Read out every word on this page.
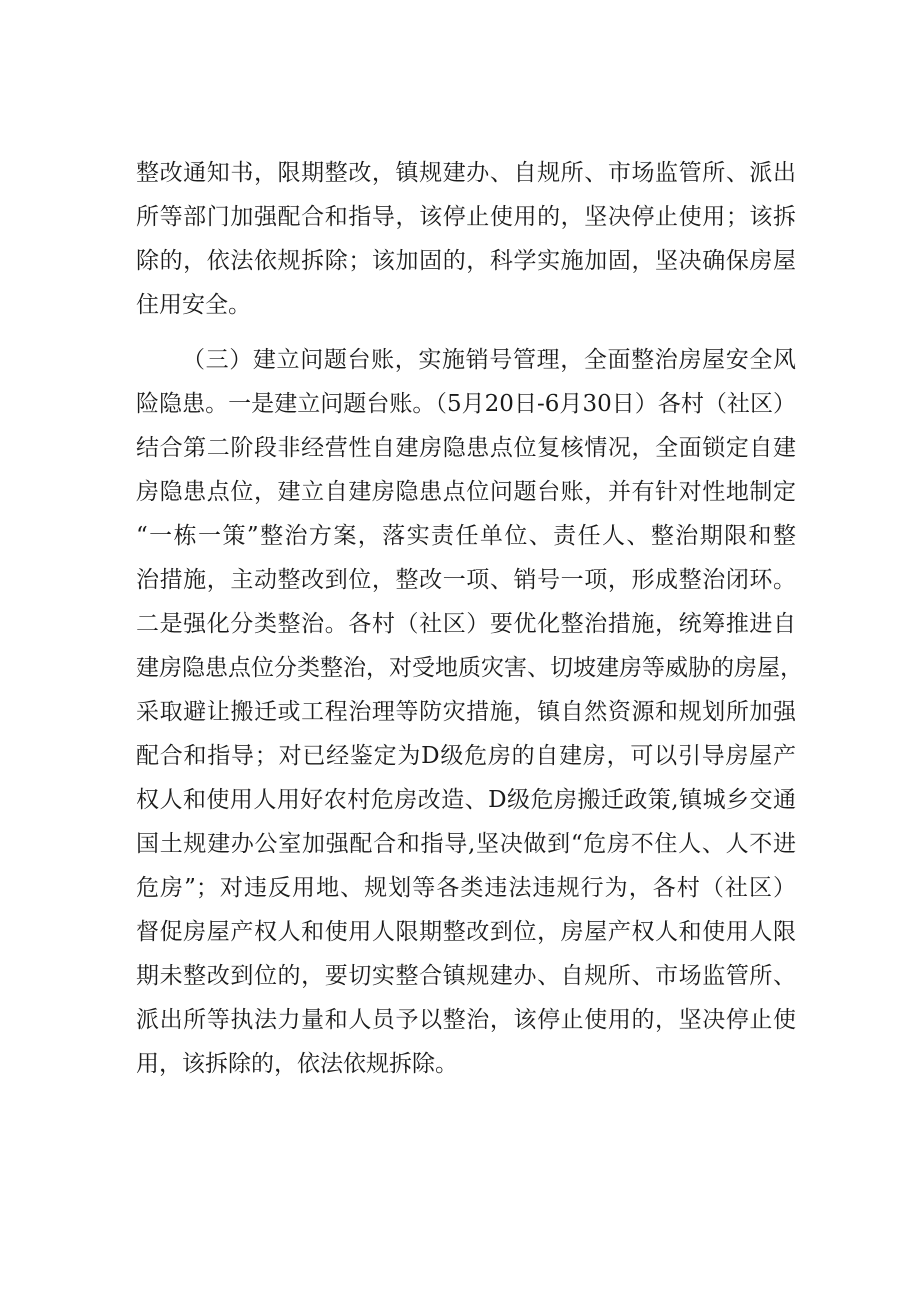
整改通知书，限期整改，镇规建办、自规所、市场监管所、派出
所等部门加强配合和指导，该停止使用的，坚决停止使用；该拆
除的，依法依规拆除；该加固的，科学实施加固，坚决确保房屋
住用安全。
（三）建立问题台账，实施销号管理，全面整治房屋安全风
险隐患。一是建立问题台账。（5月20日-6月30日）各村（社区）
结合第二阶段非经营性自建房隐患点位复核情况，全面锁定自建
房隐患点位，建立自建房隐患点位问题台账，并有针对性地制定
“一栋一策”整治方案，落实责任单位、责任人、整治期限和整
治措施，主动整改到位，整改一项、销号一项，形成整治闭环。
二是强化分类整治。各村（社区）要优化整治措施，统筹推进自
建房隐患点位分类整治，对受地质灾害、切坡建房等威胁的房屋，
采取避让搬迁或工程治理等防灾措施，镇自然资源和规划所加强
配合和指导；对已经鉴定为D级危房的自建房，可以引导房屋产
权人和使用人用好农村危房改造、D级危房搬迁政策,镇城乡交通
国土规建办公室加强配合和指导,坚决做到“危房不住人、人不进
危房”；对违反用地、规划等各类违法违规行为，各村（社区）
督促房屋产权人和使用人限期整改到位，房屋产权人和使用人限
期未整改到位的，要切实整合镇规建办、自规所、市场监管所、
派出所等执法力量和人员予以整治，该停止使用的，坚决停止使
用，该拆除的，依法依规拆除。
